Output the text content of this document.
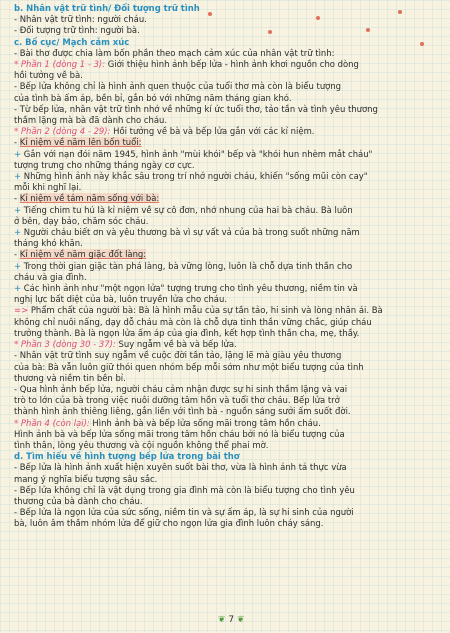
b. Nhân vật trữ tình/ Đối tượng trữ tình
- Nhân vật trữ tình: người cháu.
- Đối tượng trữ tình: người bà.
c. Bố cục/ Mạch cảm xúc
- Bài thơ được chia làm bốn phần theo mạch cảm xúc của nhân vật trữ tình:
* Phần 1 (dòng 1 - 3): Giới thiệu hình ảnh bếp lửa - hình ảnh khơi nguồn cho dòng
hồi tưởng về bà.
- Bếp lửa không chỉ là hình ảnh quen thuộc của tuổi thơ mà còn là biểu tượng
của tình bà ấm áp, bền bỉ, gắn bó với những năm tháng gian khó.
- Từ bếp lửa, nhân vật trữ tình nhớ về những kí ức tuổi thơ, tảo tần và tình yêu thương
thầm lặng mà bà đã dành cho cháu.
* Phần 2 (dòng 4 - 29): Hồi tưởng về bà và bếp lửa gắn với các kỉ niệm.
- Kỉ niệm về năm lên bốn tuổi:
+ Gắn với nạn đói năm 1945, hình ảnh "mùi khói" bếp và "khói hun nhèm mắt cháu"
tượng trưng cho những tháng ngày cơ cực.
+ Những hình ảnh này khắc sâu trong trí nhớ người cháu, khiến "sống mũi còn cay"
mỗi khi nghĩ lại.
- Kỉ niệm về tám năm sống với bà:
+ Tiếng chim tu hú là kỉ niệm về sự cô đơn, nhớ nhung của hai bà cháu. Bà luôn
ở bên, dạy bảo, chăm sóc cháu.
+ Người cháu biết ơn và yêu thương bà vì sự vất vả của bà trong suốt những năm
tháng khó khăn.
- Kỉ niệm về năm giặc đốt làng:
+ Trong thời gian giặc tàn phá làng, bà vững lòng, luôn là chỗ dựa tinh thần cho
cháu và gia đình.
+ Các hình ảnh như "một ngọn lửa" tượng trưng cho tình yêu thương, niềm tin và
nghị lực bất diệt của bà, luôn truyền lửa cho cháu.
=> Phẩm chất của người bà: Bà là hình mẫu của sự tần tảo, hi sinh và lòng nhân ái. Bà
không chỉ nuôi nấng, dạy dỗ cháu mà còn là chỗ dựa tinh thần vững chắc, giúp cháu
trưởng thành. Bà là ngọn lửa ấm áp của gia đình, kết hợp tình thần cha, mẹ, thầy.
* Phần 3 (dòng 30 - 37): Suy ngẫm về bà và bếp lửa.
- Nhân vật trữ tình suy ngẫm về cuộc đời tần tảo, lặng lẽ mà giàu yêu thương
của bà: Bà vẫn luôn giữ thói quen nhóm bếp mỗi sớm như một biểu tượng của tình
thương và niềm tin bền bỉ.
- Qua hình ảnh bếp lửa, người cháu cảm nhận được sự hi sinh thầm lặng và vai
trò to lớn của bà trong việc nuôi dưỡng tâm hồn và tuổi thơ cháu. Bếp lửa trở
thành hình ảnh thiêng liêng, gắn liền với tình bà - nguồn sáng sưởi ấm suốt đời.
* Phần 4 (còn lại): Hình ảnh bà và bếp lửa sống mãi trong tâm hồn cháu.
Hình ảnh bà và bếp lửa sống mãi trong tâm hồn cháu bởi nó là biểu tượng của
tình thân, lòng yêu thương và cội nguồn không thể phai mờ.
d. Tìm hiểu về hình tượng bếp lửa trong bài thơ
- Bếp lửa là hình ảnh xuất hiện xuyên suốt bài thơ, vừa là hình ảnh tả thực vừa
mang ý nghĩa biểu tượng sâu sắc.
- Bếp lửa không chỉ là vật dụng trong gia đình mà còn là biểu tượng cho tình yêu
thương của bà dành cho cháu.
- Bếp lửa là ngọn lửa của sức sống, niềm tin và sự ấm áp, là sự hi sinh của người
bà, luôn âm thầm nhóm lửa để giữ cho ngọn lửa gia đình luôn cháy sáng.
❦ 7 ❦
